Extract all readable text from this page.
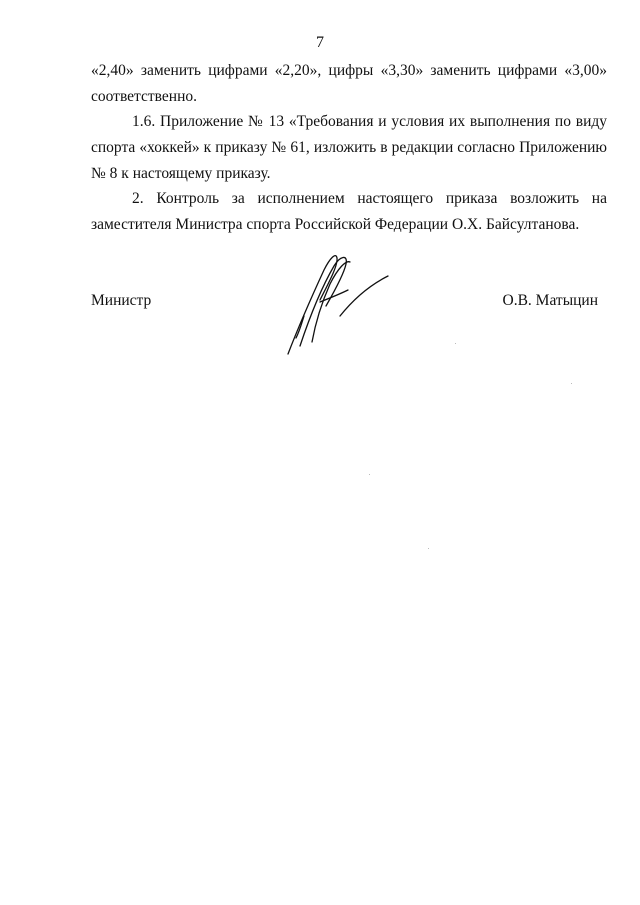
7

«2,40» заменить цифрами «2,20», цифры «3,30» заменить цифрами «3,00» соответственно.

1.6. Приложение № 13 «Требования и условия их выполнения по виду спорта «хоккей» к приказу № 61, изложить в редакции согласно Приложению № 8 к настоящему приказу.

2. Контроль за исполнением настоящего приказа возложить на заместителя Министра спорта Российской Федерации О.Х. Байсултанова.

Министр	О.В. Матыцин
